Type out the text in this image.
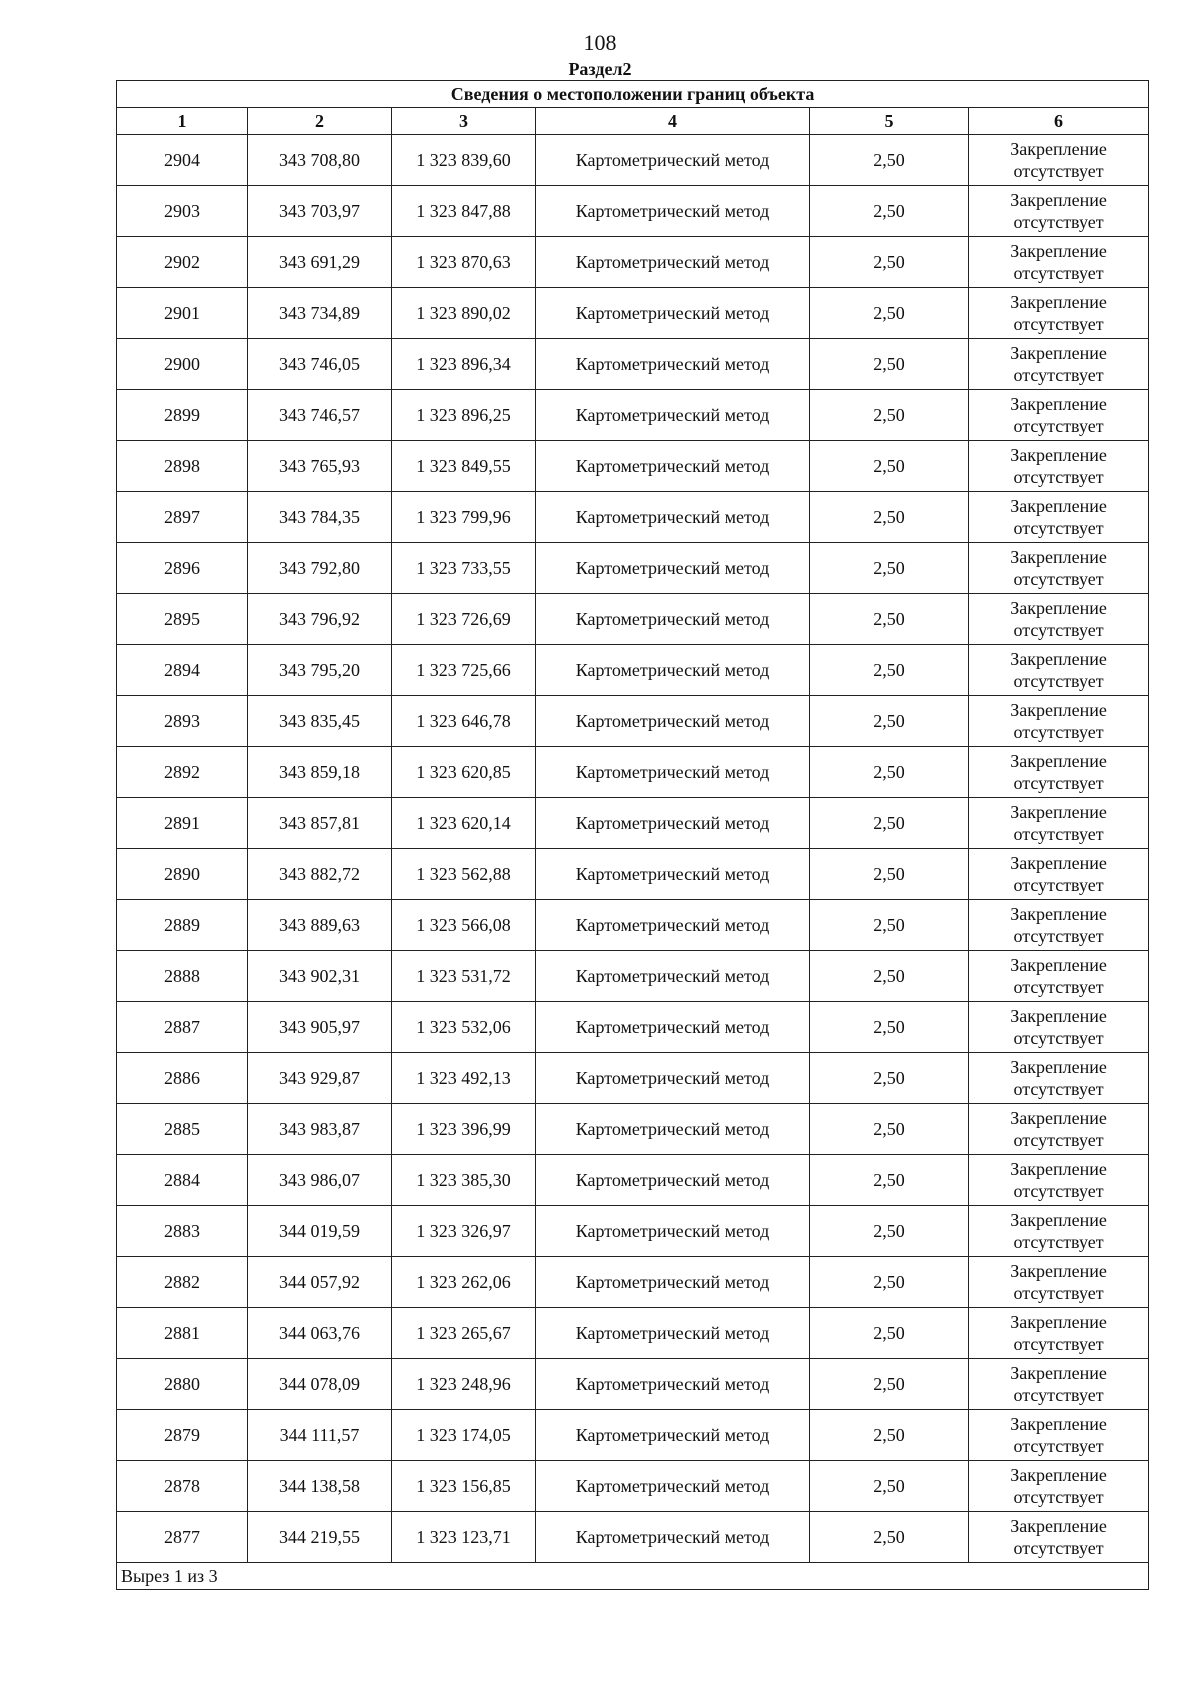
108
Раздел2
Сведения о местоположении границ объекта					
1	2	3	4	5	6
2904	343 708,80	1 323 839,60	Картометрический метод	2,50	Закрепление
отсутствует

2903	343 703,97	1 323 847,88	Картометрический метод	2,50	Закрепление
отсутствует

2902	343 691,29	1 323 870,63	Картометрический метод	2,50	Закрепление
отсутствует

2901	343 734,89	1 323 890,02	Картометрический метод	2,50	Закрепление
отсутствует

2900	343 746,05	1 323 896,34	Картометрический метод	2,50	Закрепление
отсутствует

2899	343 746,57	1 323 896,25	Картометрический метод	2,50	Закрепление
отсутствует

2898	343 765,93	1 323 849,55	Картометрический метод	2,50	Закрепление
отсутствует

2897	343 784,35	1 323 799,96	Картометрический метод	2,50	Закрепление
отсутствует

2896	343 792,80	1 323 733,55	Картометрический метод	2,50	Закрепление
отсутствует

2895	343 796,92	1 323 726,69	Картометрический метод	2,50	Закрепление
отсутствует

2894	343 795,20	1 323 725,66	Картометрический метод	2,50	Закрепление
отсутствует

2893	343 835,45	1 323 646,78	Картометрический метод	2,50	Закрепление
отсутствует

2892	343 859,18	1 323 620,85	Картометрический метод	2,50	Закрепление
отсутствует

2891	343 857,81	1 323 620,14	Картометрический метод	2,50	Закрепление
отсутствует

2890	343 882,72	1 323 562,88	Картометрический метод	2,50	Закрепление
отсутствует

2889	343 889,63	1 323 566,08	Картометрический метод	2,50	Закрепление
отсутствует

2888	343 902,31	1 323 531,72	Картометрический метод	2,50	Закрепление
отсутствует

2887	343 905,97	1 323 532,06	Картометрический метод	2,50	Закрепление
отсутствует

2886	343 929,87	1 323 492,13	Картометрический метод	2,50	Закрепление
отсутствует

2885	343 983,87	1 323 396,99	Картометрический метод	2,50	Закрепление
отсутствует

2884	343 986,07	1 323 385,30	Картометрический метод	2,50	Закрепление
отсутствует

2883	344 019,59	1 323 326,97	Картометрический метод	2,50	Закрепление
отсутствует

2882	344 057,92	1 323 262,06	Картометрический метод	2,50	Закрепление
отсутствует

2881	344 063,76	1 323 265,67	Картометрический метод	2,50	Закрепление
отсутствует

2880	344 078,09	1 323 248,96	Картометрический метод	2,50	Закрепление
отсутствует

2879	344 111,57	1 323 174,05	Картометрический метод	2,50	Закрепление
отсутствует

2878	344 138,58	1 323 156,85	Картометрический метод	2,50	Закрепление
отсутствует

2877	344 219,55	1 323 123,71	Картометрический метод	2,50	Закрепление
отсутствует

Вырез 1 из 3					
